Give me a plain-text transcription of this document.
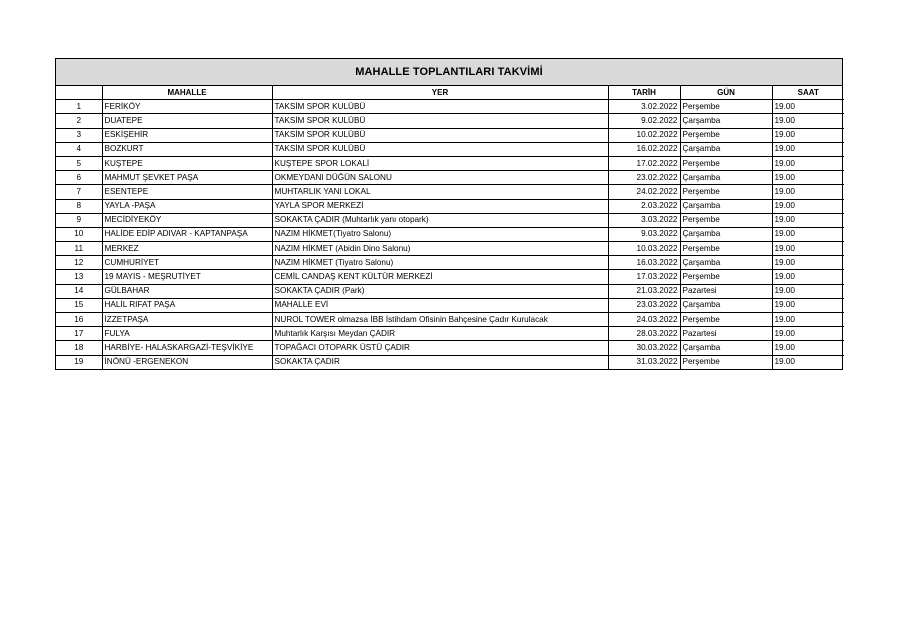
MAHALLE TOPLANTILARI TAKVİMİ
	MAHALLE	YER	TARİH	GÜN	SAAT
1	FERİKÖY	TAKSİM SPOR KULÜBÜ	3.02.2022	Perşembe	19.00
2	DUATEPE	TAKSİM SPOR KULÜBÜ	9.02.2022	Çarşamba	19.00
3	ESKİŞEHİR	TAKSİM SPOR KULÜBÜ	10.02.2022	Perşembe	19.00
4	BOZKURT	TAKSİM SPOR KULÜBÜ	16.02.2022	Çarşamba	19.00
5	KUŞTEPE	KUŞTEPE SPOR LOKALİ	17.02.2022	Perşembe	19.00
6	MAHMUT ŞEVKET PAŞA	OKMEYDANI DÜĞÜN SALONU	23.02.2022	Çarşamba	19.00
7	ESENTEPE	MUHTARLIK YANI LOKAL	24.02.2022	Perşembe	19.00
8	YAYLA -PAŞA	YAYLA SPOR MERKEZİ	2.03.2022	Çarşamba	19.00
9	MECİDİYEKÖY	SOKAKTA ÇADIR (Muhtarlık yanı otopark)	3.03.2022	Perşembe	19.00
10	HALİDE EDİP ADIVAR - KAPTANPAŞA	NAZIM HİKMET(Tiyatro Salonu)	9.03.2022	Çarşamba	19.00
11	MERKEZ	NAZIM HİKMET (Abidin Dino Salonu)	10.03.2022	Perşembe	19.00
12	CUMHURİYET	NAZIM HİKMET (Tiyatro Salonu)	16.03.2022	Çarşamba	19.00
13	19 MAYIS - MEŞRUTİYET	CEMİL CANDAŞ KENT KÜLTÜR MERKEZİ	17.03.2022	Perşembe	19.00
14	GÜLBAHAR	SOKAKTA ÇADIR (Park)	21.03.2022	Pazartesi	19.00
15	HALİL RIFAT PAŞA	MAHALLE EVİ	23.03.2022	Çarşamba	19.00
16	İZZETPAŞA	NUROL TOWER olmazsa İBB İstihdam Ofisinin Bahçesine Çadır Kurulacak	24.03.2022	Perşembe	19.00
17	FULYA	Muhtarlık Karşısı Meydan ÇADIR	28.03.2022	Pazartesi	19.00
18	HARBİYE- HALASKARGAZİ-TEŞVİKİYE	TOPAĞACI OTOPARK ÜSTÜ ÇADIR	30.03.2022	Çarşamba	19.00
19	İNÖNÜ -ERGENEKON	SOKAKTA ÇADIR	31.03.2022	Perşembe	19.00
